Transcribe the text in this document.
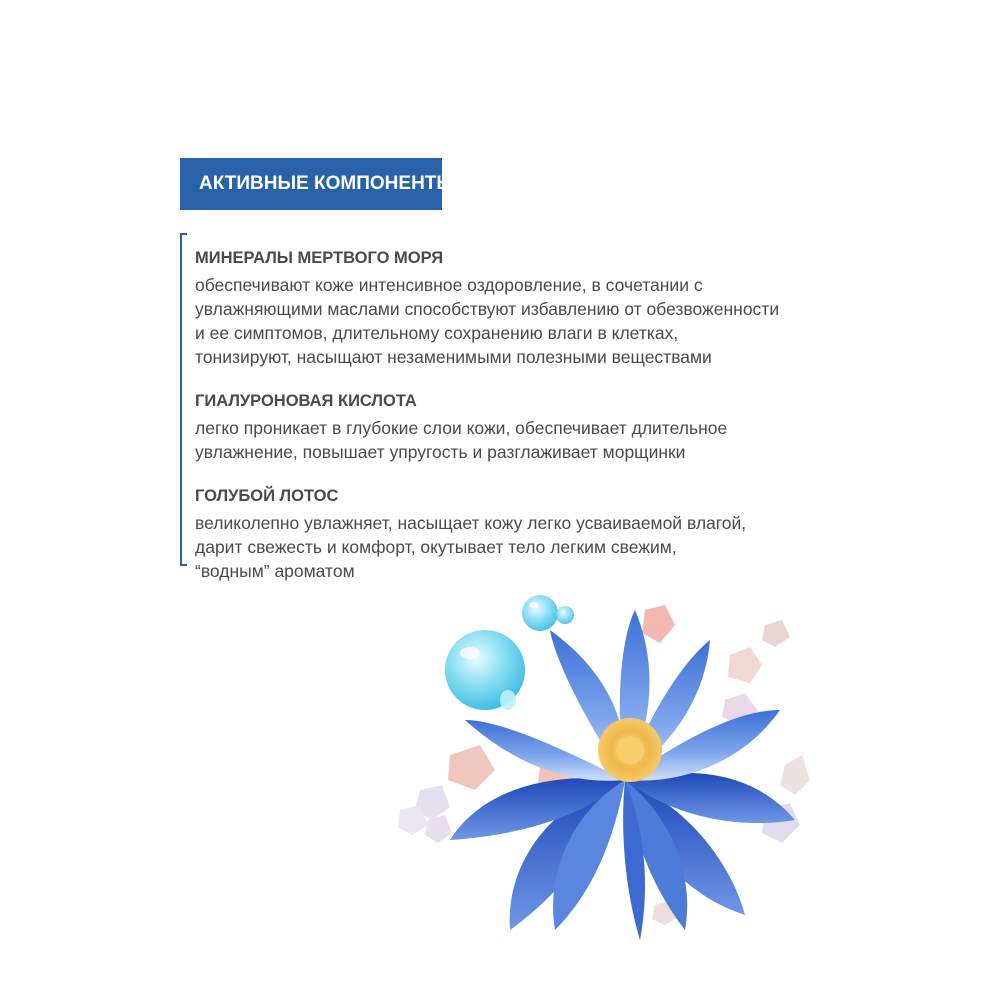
АКТИВНЫЕ КОМПОНЕНТЫ
МИНЕРАЛЫ МЕРТВОГО МОРЯ
обеспечивают коже интенсивное оздоровление, в сочетании с
увлажняющими маслами способствуют избавлению от обезвоженности
и ее симптомов, длительному сохранению влаги в клетках,
тонизируют, насыщают незаменимыми полезными веществами
ГИАЛУРОНОВАЯ КИСЛОТА
легко проникает в глубокие слои кожи, обеспечивает длительное
увлажнение, повышает упругость и разглаживает морщинки
ГОЛУБОЙ ЛОТОС
великолепно увлажняет, насыщает кожу легко усваиваемой влагой,
дарит свежесть и комфорт, окутывает тело легким свежим,
“водным” ароматом
